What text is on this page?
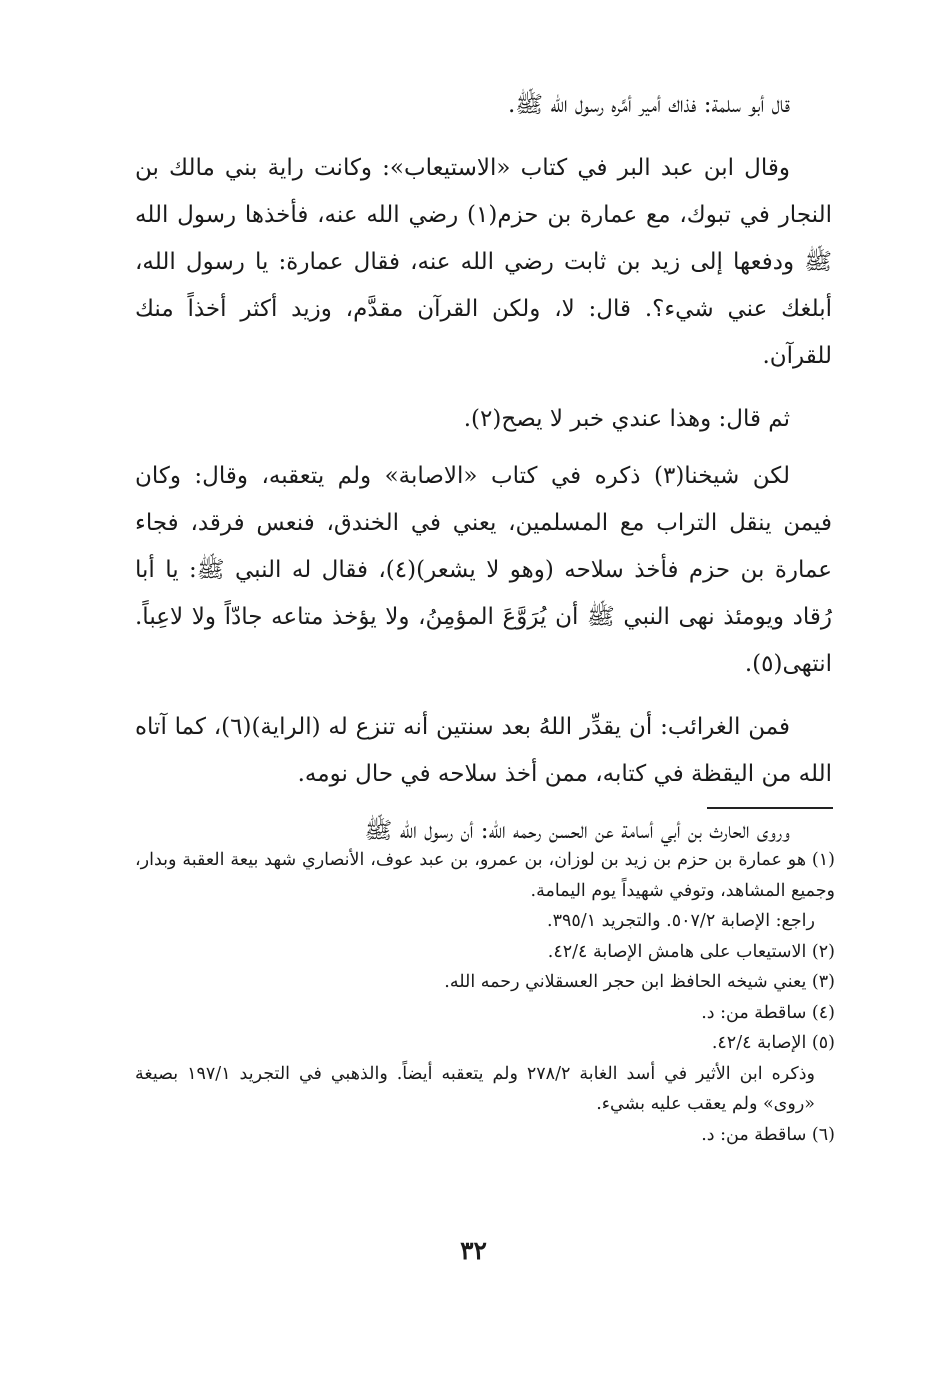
قال أبو سلمة: فذاك أمير أمَّره رسول الله ﷺ.

وقال ابن عبد البر في كتاب «الاستيعاب»: وكانت راية بني مالك بن النجار في تبوك، مع عمارة بن حزم(١) رضي الله عنه، فأخذها رسول الله ﷺ ودفعها إلى زيد بن ثابت رضي الله عنه، فقال عمارة: يا رسول الله، أبلغك عني شيء؟. قال: لا، ولكن القرآن مقدَّم، وزيد أكثر أخذاً منك للقرآن.

ثم قال: وهذا عندي خبر لا يصح(٢).

لكن شيخنا(٣) ذكره في كتاب «الاصابة» ولم يتعقبه، وقال: وكان فيمن ينقل التراب مع المسلمين، يعني في الخندق، فنعس فرقد، فجاء عمارة بن حزم فأخذ سلاحه (وهو لا يشعر)(٤)، فقال له النبي ﷺ: يا أبا رُقاد ويومئذ نهى النبي ﷺ أن يُرَوَّعَ المؤمِنُ، ولا يؤخذ متاعه جادّاً ولا لاعِباً. انتهى(٥).

فمن الغرائب: أن يقدِّر اللهُ بعد سنتين أنه تنزع له (الراية)(٦)، كما آتاه الله من اليقظة في كتابه، ممن أخذ سلاحه في حال نومه.

وروى الحارث بن أبي أسامة عن الحسن رحمه الله: أن رسول الله ﷺ

(١) هو عمارة بن حزم بن زيد بن لوزان، بن عمرو، بن عبد عوف، الأنصاري شهد بيعة العقبة وبدار، وجميع المشاهد، وتوفي شهيداً يوم اليمامة.

راجع: الإصابة ٥٠٧/٢. والتجريد ٣٩٥/١.

(٢) الاستيعاب على هامش الإصابة ٤٢/٤.

(٣) يعني شيخه الحافظ ابن حجر العسقلاني رحمه الله.

(٤) ساقطة من: د.

(٥) الإصابة ٤٢/٤.

وذكره ابن الأثير في أسد الغابة ٢٧٨/٢ ولم يتعقبه أيضاً. والذهبي في التجريد ١٩٧/١ بصيغة «روى» ولم يعقب عليه بشيء.

(٦) ساقطة من: د.

٣٢
